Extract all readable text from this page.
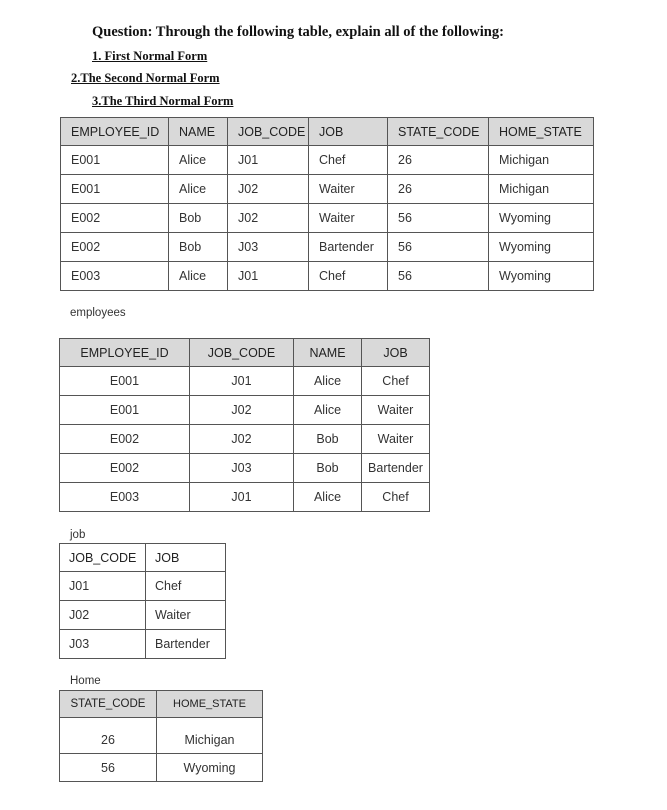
Question: Through the following table, explain all of the following:
1. First Normal Form
2.The Second Normal Form
3.The Third Normal Form
EMPLOYEE_ID	NAME	JOB_CODE	JOB	STATE_CODE	HOME_STATE
E001	Alice	J01	Chef	26	Michigan
E001	Alice	J02	Waiter	26	Michigan
E002	Bob	J02	Waiter	56	Wyoming
E002	Bob	J03	Bartender	56	Wyoming
E003	Alice	J01	Chef	56	Wyoming
employees
EMPLOYEE_ID	JOB_CODE	NAME	JOB
E001	J01	Alice	Chef
E001	J02	Alice	Waiter
E002	J02	Bob	Waiter
E002	J03	Bob	Bartender
E003	J01	Alice	Chef
job
JOB_CODE	JOB
J01	Chef
J02	Waiter
J03	Bartender
Home
STATE_CODE	HOME_STATE
26	Michigan
56	Wyoming
